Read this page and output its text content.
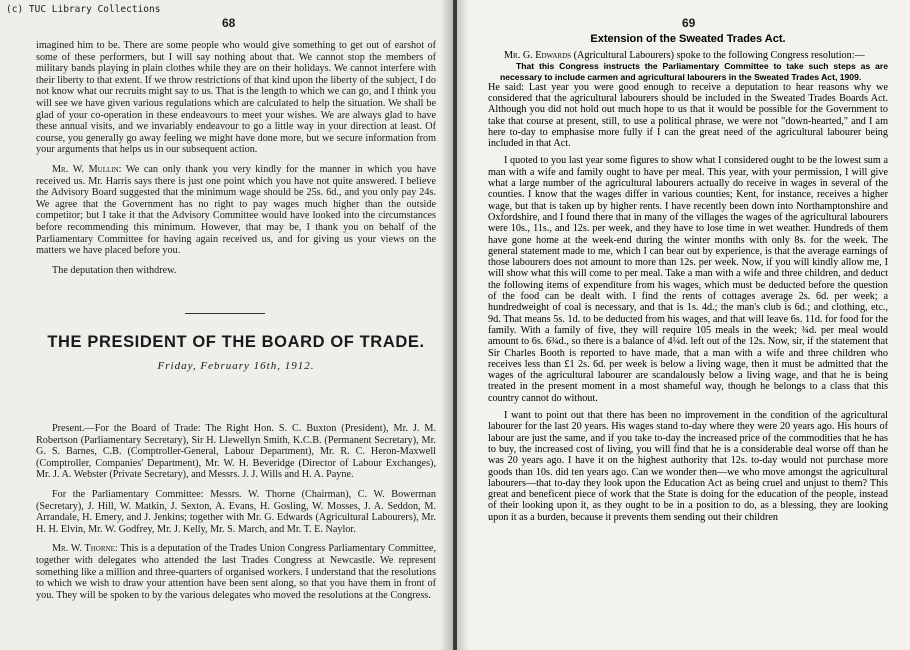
(c) TUC Library Collections
68

imagined him to be. There are some people who would give something to get out of earshot of some of these performers, but I will say nothing about that. We cannot stop the members of military bands playing in plain clothes while they are on their holidays. We cannot interfere with their liberty to that extent. If we throw restrictions of that kind upon the liberty of the subject, I do not know what our recruits might say to us. That is the length to which we can go, and I think you will see we have given various regulations which are calculated to help the situation. We shall be glad of your co-operation in these endeavours to meet your wishes. We are always glad to have these annual visits, and we invariably endeavour to go a little way in your direction at least. Of course, you generally go away feeling we might have done more, but we secure information from your arguments that helps us in our subsequent action.

Mr. W. Mullin: We can only thank you very kindly for the manner in which you have received us. Mr. Harris says there is just one point which you have not quite answered. I believe the Advisory Board suggested that the minimum wage should be 25s. 6d., and you only pay 24s. We agree that the Government has no right to pay wages much higher than the outside competitor; but I take it that the Advisory Committee would have looked into the circumstances before recommending this minimum. However, that may be, I thank you on behalf of the Parliamentary Committee for having again received us, and for giving us your views on the matters we have placed before you.

The deputation then withdrew.

THE PRESIDENT OF THE BOARD OF TRADE.
Friday, February 16th, 1912.

Present.—For the Board of Trade: The Right Hon. S. C. Buxton (President), Mr. J. M. Robertson (Parliamentary Secretary), Sir H. Llewellyn Smith, K.C.B. (Permanent Secretary), Mr. G. S. Barnes, C.B. (Comptroller-General, Labour Department), Mr. R. C. Heron-Maxwell (Comptroller, Companies' Department), Mr. W. H. Beveridge (Director of Labour Exchanges), Mr. J. A. Webster (Private Secretary), and Messrs. J. J. Wills and H. A. Payne.

For the Parliamentary Committee: Messrs. W. Thorne (Chairman), C. W. Bowerman (Secretary), J. Hill, W. Matkin, J. Sexton, A. Evans, H. Gosling, W. Mosses, J. A. Seddon, M. Arrandale, H. Emery, and J. Jenkins; together with Mr. G. Edwards (Agricultural Labourers), Mr. H. H. Elvin, Mr. W. Godfrey, Mr. J. Kelly, Mr. S. March, and Mr. T. E. Naylor.

Mr. W. Thorne: This is a deputation of the Trades Union Congress Parliamentary Committee, together with delegates who attended the last Trades Congress at Newcastle. We represent something like a million and three-quarters of organised workers. I understand that the resolutions to which we wish to draw your attention have been sent along, so that you have them in front of you. They will be spoken to by the various delegates who moved the resolutions at the Congress.

69
Extension of the Sweated Trades Act.

Mr. G. Edwards (Agricultural Labourers) spoke to the following Congress resolution:—

That this Congress instructs the Parliamentary Committee to take such steps as are necessary to include carmen and agricultural labourers in the Sweated Trades Act, 1909.

He said: Last year you were good enough to receive a deputation to hear reasons why we considered that the agricultural labourers should be included in the Sweated Trades Boards Act. Although you did not hold out much hope to us that it would be possible for the Government to take that course at present, still, to use a political phrase, we were not "down-hearted," and I am here to-day to emphasise more fully if I can the great need of the agricultural labourer being included in that Act.

I quoted to you last year some figures to show what I considered ought to be the lowest sum a man with a wife and family ought to have per meal. This year, with your permission, I will give what a large number of the agricultural labourers actually do receive in wages in several of the counties. I know that the wages differ in various counties; Kent, for instance, receives a higher wage, but that is taken up by higher rents. I have recently been down into Northamptonshire and Oxfordshire, and I found there that in many of the villages the wages of the agricultural labourers were 10s., 11s., and 12s. per week, and they have to lose time in wet weather. Hundreds of them have gone home at the week-end during the winter months with only 8s. for the week. The general statement made to me, which I can bear out by experience, is that the average earnings of those labourers does not amount to more than 12s. per week. Now, if you will kindly allow me, I will show what this will come to per meal. Take a man with a wife and three children, and deduct the following items of expenditure from his wages, which must be deducted before the question of the food can be dealt with. I find the rents of cottages average 2s. 6d. per week; a hundredweight of coal is necessary, and that is 1s. 4d.; the man's club is 6d.; and clothing, etc., 9d. That means 5s. 1d. to be deducted from his wages, and that will leave 6s. 11d. for food for the family. With a family of five, they will require 105 meals in the week; ¾d. per meal would amount to 6s. 6¾d., so there is a balance of 4¼d. left out of the 12s. Now, sir, if the statement that Sir Charles Booth is reported to have made, that a man with a wife and three children who receives less than £1 2s. 6d. per week is below a living wage, then it must be admitted that the wages of the agricultural labourer are scandalously below a living wage, and that he is being treated in the present moment in a most shameful way, though he belongs to a class that this country cannot do without.

I want to point out that there has been no improvement in the condition of the agricultural labourer for the last 20 years. His wages stand to-day where they were 20 years ago. His hours of labour are just the same, and if you take to-day the increased price of the commodities that he has to buy, the increased cost of living, you will find that he is a considerable deal worse off than he was 20 years ago. I have it on the highest authority that 12s. to-day would not purchase more goods than 10s. did ten years ago. Can we wonder then—we who move amongst the agricultural labourers—that to-day they look upon the Education Act as being cruel and unjust to them? This great and beneficent piece of work that the State is doing for the education of the people, instead of their looking upon it, as they ought to be in a position to do, as a blessing, they are looking upon it as a burden, because it prevents them sending out their children
